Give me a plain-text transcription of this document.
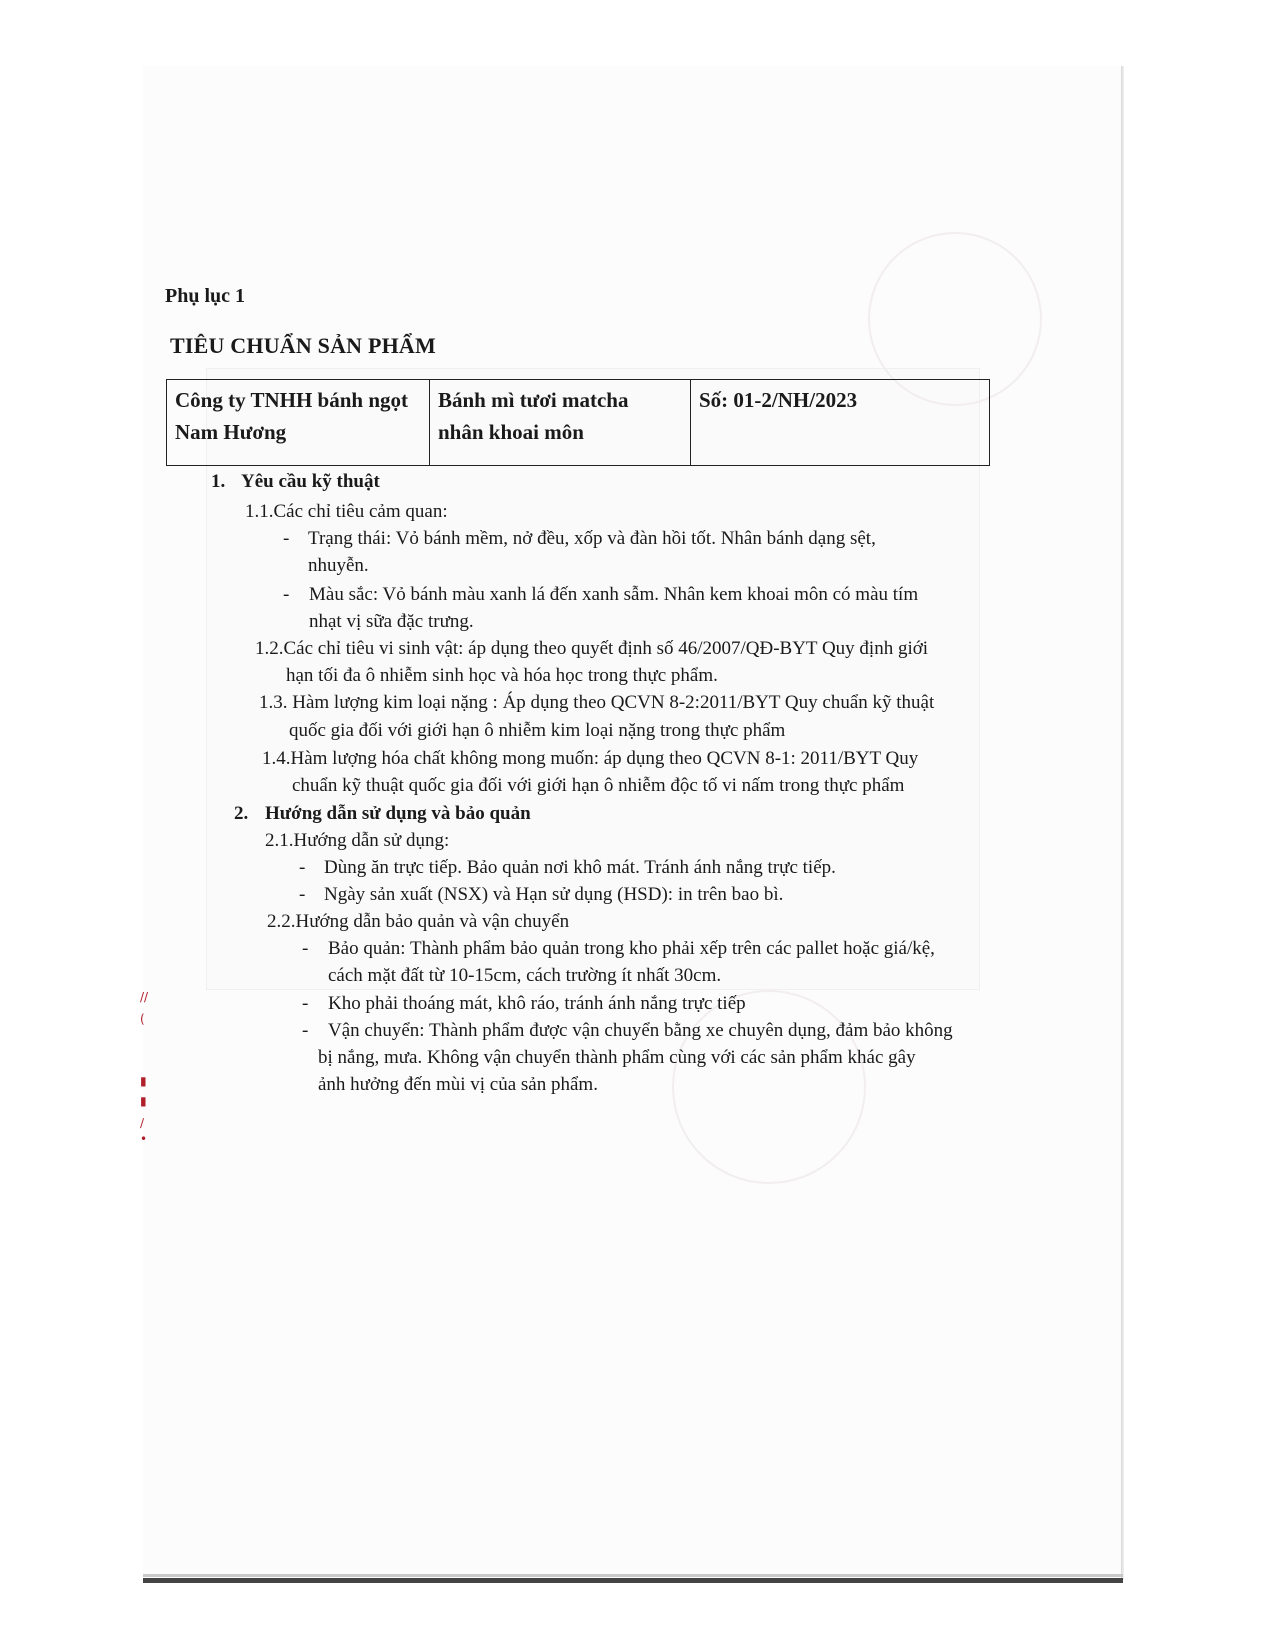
//
(
▮
▮
∕
•
Phụ lục 1
TIÊU CHUẨN SẢN PHẨM
Công ty TNHH bánh ngọt
Nam Hương

Bánh mì tươi matcha
nhân khoai môn

Số: 01-2/NH/2023
1. Yêu cầu kỹ thuật
1.1.Các chỉ tiêu cảm quan:
- Trạng thái: Vỏ bánh mềm, nở đều, xốp và đàn hồi tốt. Nhân bánh dạng sệt,
nhuyễn.
- Màu sắc: Vỏ bánh màu xanh lá đến xanh sẫm. Nhân kem khoai môn có màu tím
nhạt vị sữa đặc trưng.
1.2.Các chỉ tiêu vi sinh vật: áp dụng theo quyết định số 46/2007/QĐ-BYT Quy định giới
hạn tối đa ô nhiễm sinh học và hóa học trong thực phẩm.
1.3. Hàm lượng kim loại nặng : Áp dụng theo QCVN 8-2:2011/BYT Quy chuẩn kỹ thuật
quốc gia đối với giới hạn ô nhiễm kim loại nặng trong thực phẩm
1.4.Hàm lượng hóa chất không mong muốn: áp dụng theo QCVN 8-1: 2011/BYT Quy
chuẩn kỹ thuật quốc gia đối với giới hạn ô nhiễm độc tố vi nấm trong thực phẩm
2. Hướng dẫn sử dụng và bảo quản
2.1.Hướng dẫn sử dụng:
- Dùng ăn trực tiếp. Bảo quản nơi khô mát. Tránh ánh nắng trực tiếp.
- Ngày sản xuất (NSX) và Hạn sử dụng (HSD): in trên bao bì.
2.2.Hướng dẫn bảo quản và vận chuyển
- Bảo quản: Thành phẩm bảo quản trong kho phải xếp trên các pallet hoặc giá/kệ,
cách mặt đất từ 10-15cm, cách trường ít nhất 30cm.
- Kho phải thoáng mát, khô ráo, tránh ánh nắng trực tiếp
- Vận chuyển: Thành phẩm được vận chuyển bằng xe chuyên dụng, đảm bảo không
bị nắng, mưa. Không vận chuyển thành phẩm cùng với các sản phẩm khác gây
ảnh hưởng đến mùi vị của sản phẩm.
